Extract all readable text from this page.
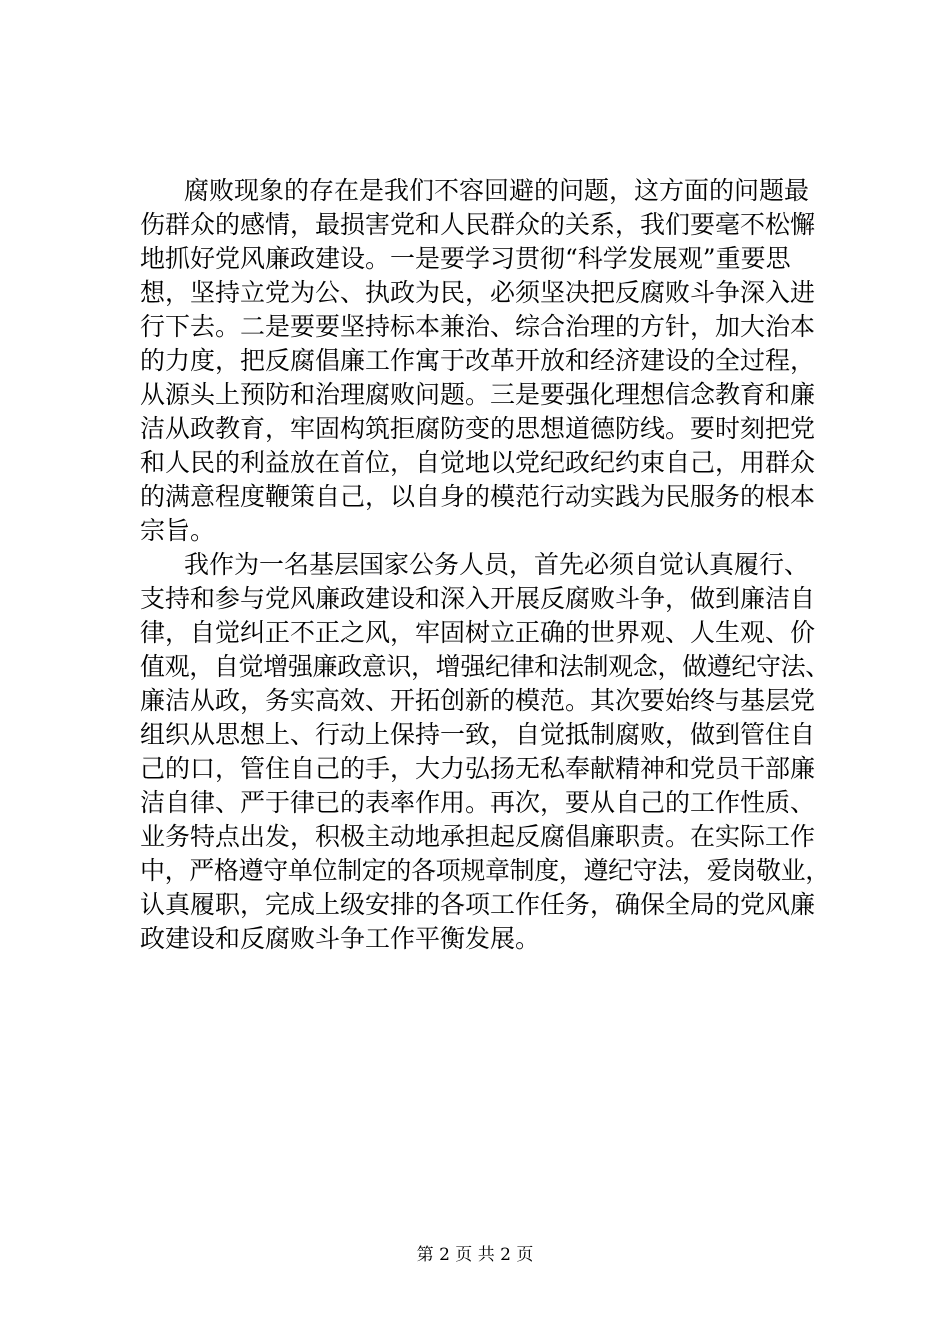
腐败现象的存在是我们不容回避的问题，这方面的问题最
伤群众的感情，最损害党和人民群众的关系，我们要毫不松懈
地抓好党风廉政建设。一是要学习贯彻“科学发展观”重要思
想，坚持立党为公、执政为民，必须坚决把反腐败斗争深入进
行下去。二是要要坚持标本兼治、综合治理的方针，加大治本
的力度，把反腐倡廉工作寓于改革开放和经济建设的全过程，
从源头上预防和治理腐败问题。三是要强化理想信念教育和廉
洁从政教育，牢固构筑拒腐防变的思想道德防线。要时刻把党
和人民的利益放在首位，自觉地以党纪政纪约束自己，用群众
的满意程度鞭策自己，以自身的模范行动实践为民服务的根本
宗旨。
我作为一名基层国家公务人员，首先必须自觉认真履行、
支持和参与党风廉政建设和深入开展反腐败斗争，做到廉洁自
律，自觉纠正不正之风，牢固树立正确的世界观、人生观、价
值观，自觉增强廉政意识，增强纪律和法制观念，做遵纪守法、
廉洁从政，务实高效、开拓创新的模范。其次要始终与基层党
组织从思想上、行动上保持一致，自觉抵制腐败，做到管住自
己的口，管住自己的手，大力弘扬无私奉献精神和党员干部廉
洁自律、严于律已的表率作用。再次，要从自己的工作性质、
业务特点出发，积极主动地承担起反腐倡廉职责。在实际工作
中，严格遵守单位制定的各项规章制度，遵纪守法，爱岗敬业，
认真履职，完成上级安排的各项工作任务，确保全局的党风廉
政建设和反腐败斗争工作平衡发展。
第 2 页 共 2 页
